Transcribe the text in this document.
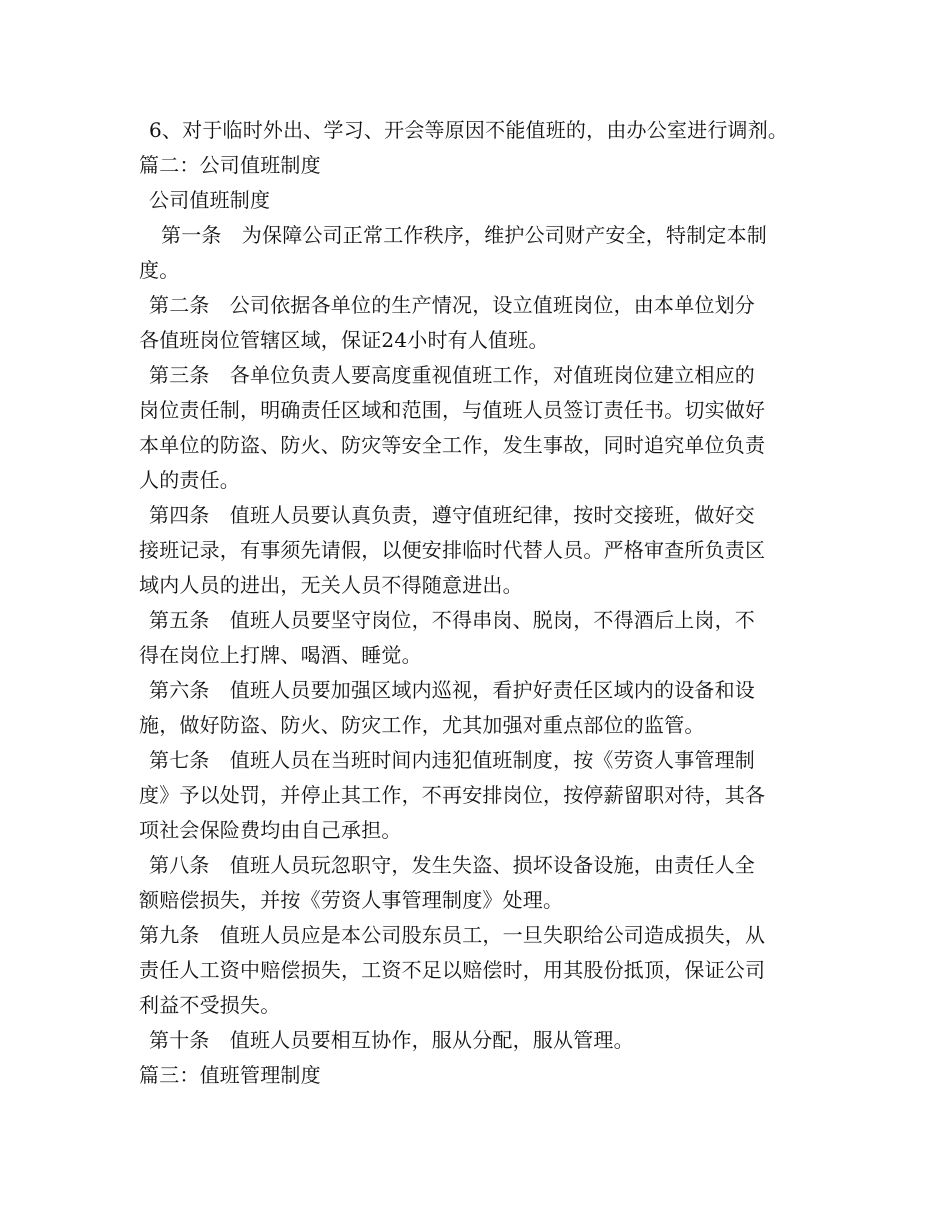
6、对于临时外出、学习、开会等原因不能值班的，由办公室进行调剂。
篇二：公司值班制度
公司值班制度
第一条　为保障公司正常工作秩序，维护公司财产安全，特制定本制
度。
第二条　公司依据各单位的生产情况，设立值班岗位，由本单位划分
各值班岗位管辖区域，保证24小时有人值班。
第三条　各单位负责人要高度重视值班工作，对值班岗位建立相应的
岗位责任制，明确责任区域和范围，与值班人员签订责任书。切实做好
本单位的防盗、防火、防灾等安全工作，发生事故，同时追究单位负责
人的责任。
第四条　值班人员要认真负责，遵守值班纪律，按时交接班，做好交
接班记录，有事须先请假，以便安排临时代替人员。严格审查所负责区
域内人员的进出，无关人员不得随意进出。
第五条　值班人员要坚守岗位，不得串岗、脱岗，不得酒后上岗，不
得在岗位上打牌、喝酒、睡觉。
第六条　值班人员要加强区域内巡视，看护好责任区域内的设备和设
施，做好防盗、防火、防灾工作，尤其加强对重点部位的监管。
第七条　值班人员在当班时间内违犯值班制度，按《劳资人事管理制
度》予以处罚，并停止其工作，不再安排岗位，按停薪留职对待，其各
项社会保险费均由自己承担。
第八条　值班人员玩忽职守，发生失盗、损坏设备设施，由责任人全
额赔偿损失，并按《劳资人事管理制度》处理。
第九条　值班人员应是本公司股东员工，一旦失职给公司造成损失，从
责任人工资中赔偿损失，工资不足以赔偿时，用其股份抵顶，保证公司
利益不受损失。
第十条　值班人员要相互协作，服从分配，服从管理。
篇三：值班管理制度
